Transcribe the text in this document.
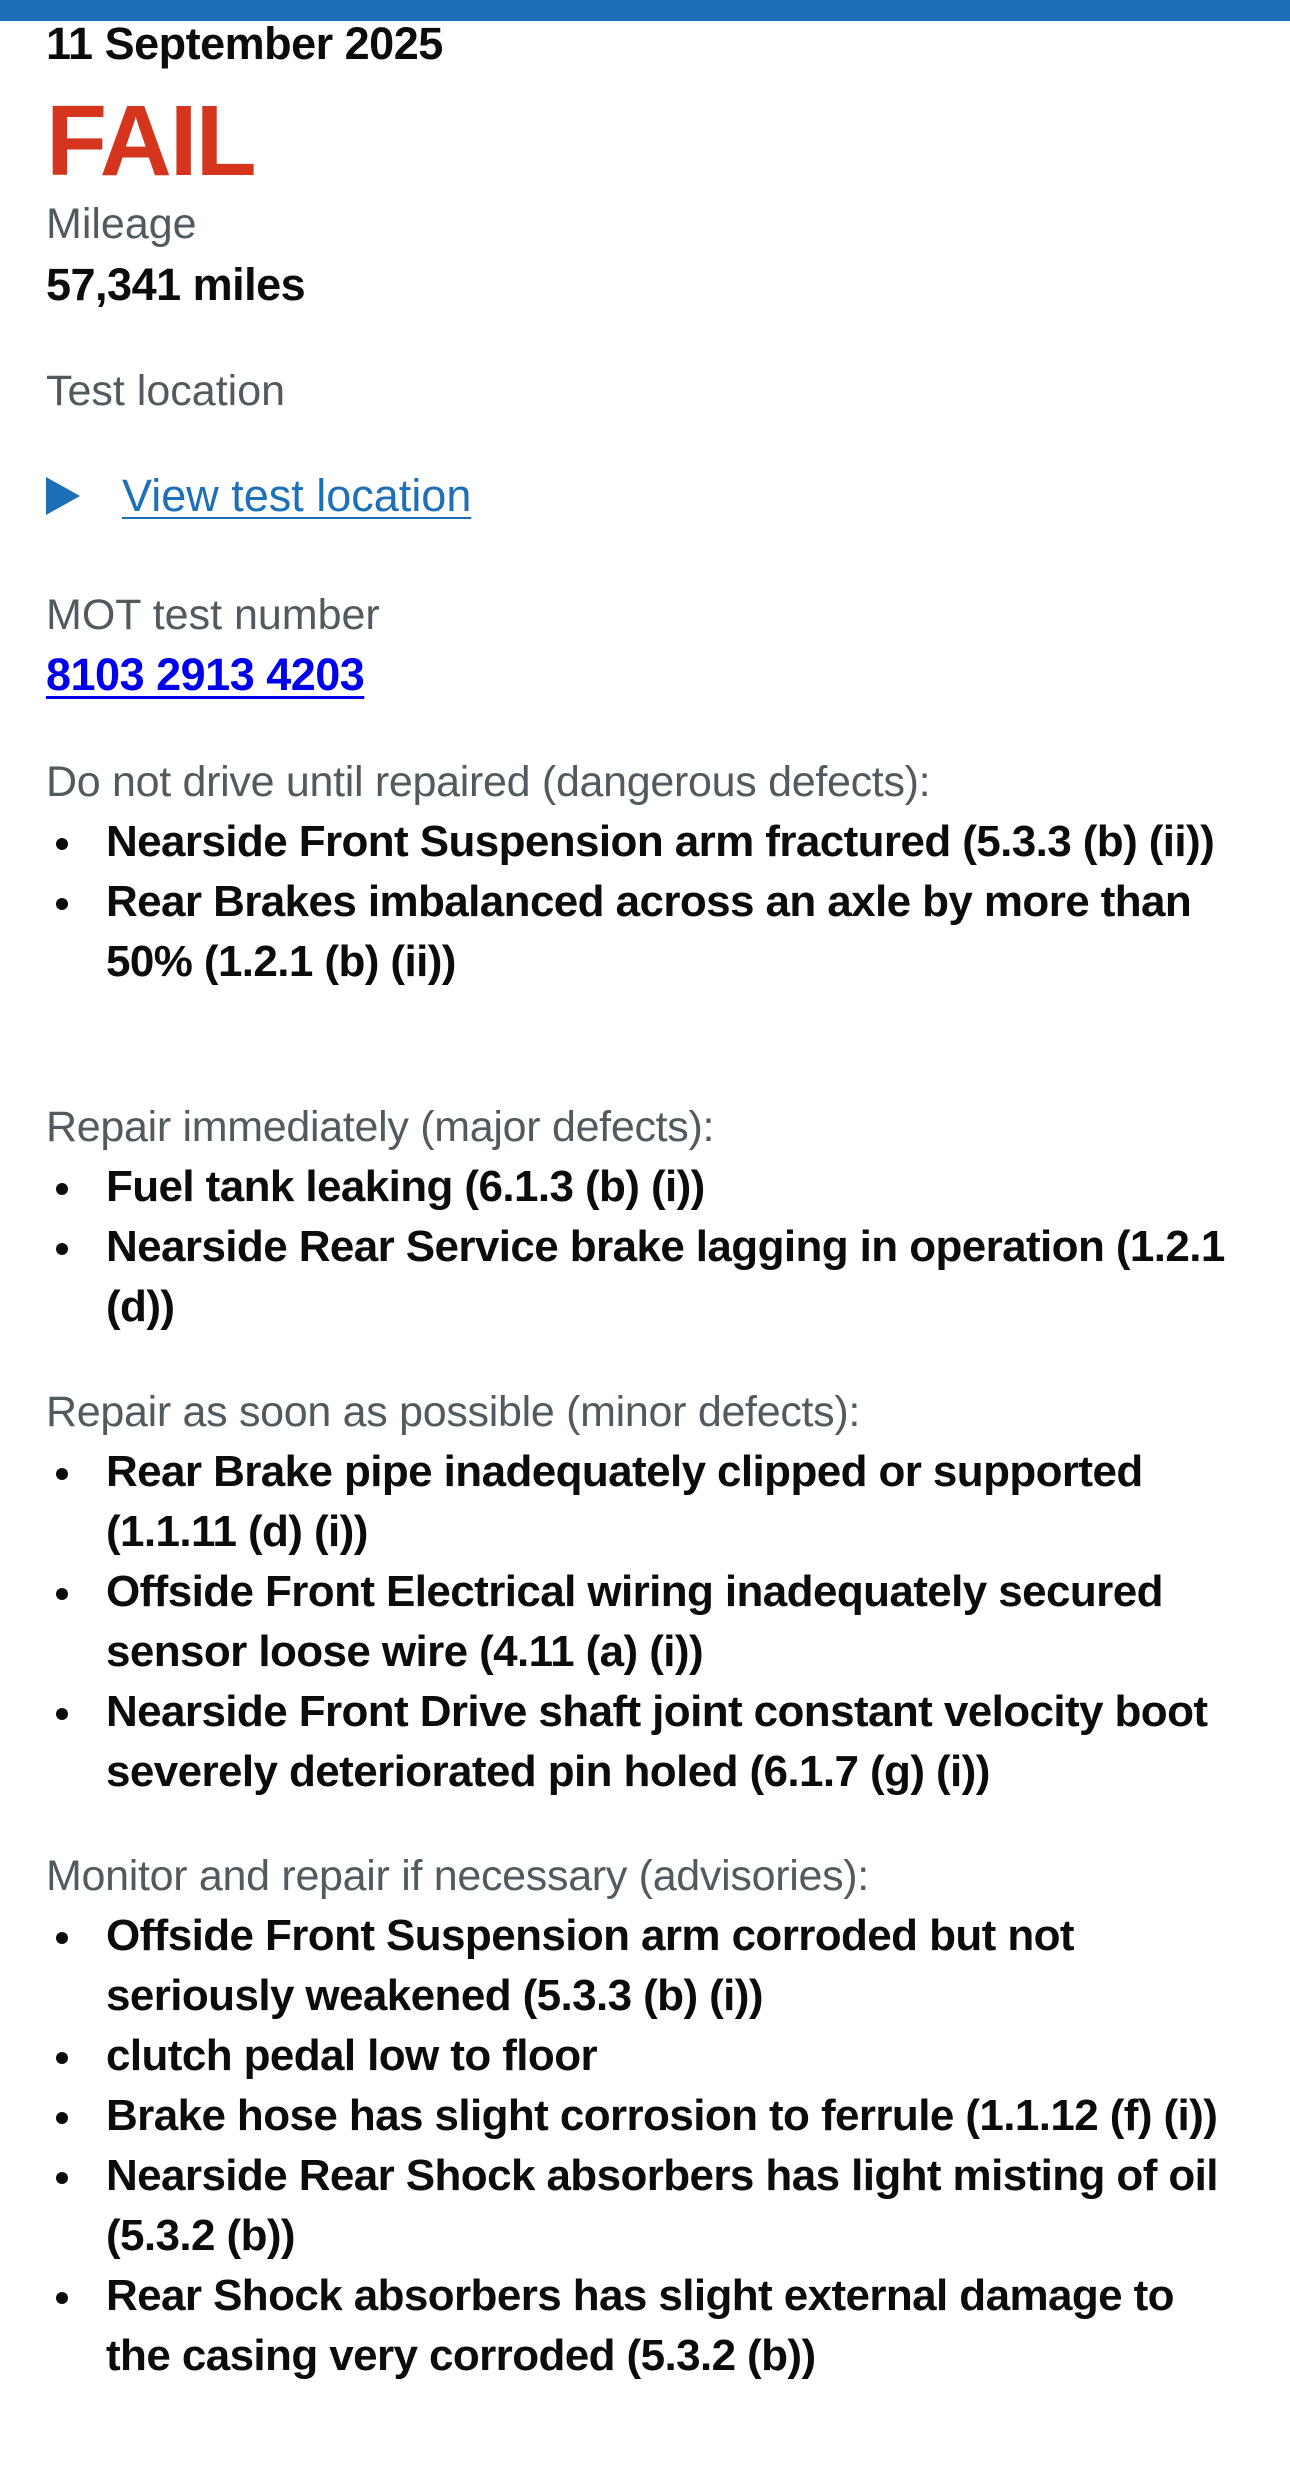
11 September 2025
FAIL
Mileage
57,341 miles
Test location
View test location
MOT test number
8103 2913 4203
Do not drive until repaired (dangerous defects):
Nearside Front Suspension arm fractured (5.3.3 (b) (ii))
Rear Brakes imbalanced across an axle by more than 50% (1.2.1 (b) (ii))
Repair immediately (major defects):
Fuel tank leaking (6.1.3 (b) (i))
Nearside Rear Service brake lagging in operation (1.2.1 (d))
Repair as soon as possible (minor defects):
Rear Brake pipe inadequately clipped or supported (1.1.11 (d) (i))
Offside Front Electrical wiring inadequately secured sensor loose wire (4.11 (a) (i))
Nearside Front Drive shaft joint constant velocity boot severely deteriorated pin holed (6.1.7 (g) (i))
Monitor and repair if necessary (advisories):
Offside Front Suspension arm corroded but not seriously weakened (5.3.3 (b) (i))
clutch pedal low to floor
Brake hose has slight corrosion to ferrule (1.1.12 (f) (i))
Nearside Rear Shock absorbers has light misting of oil (5.3.2 (b))
Rear Shock absorbers has slight external damage to the casing very corroded (5.3.2 (b))
